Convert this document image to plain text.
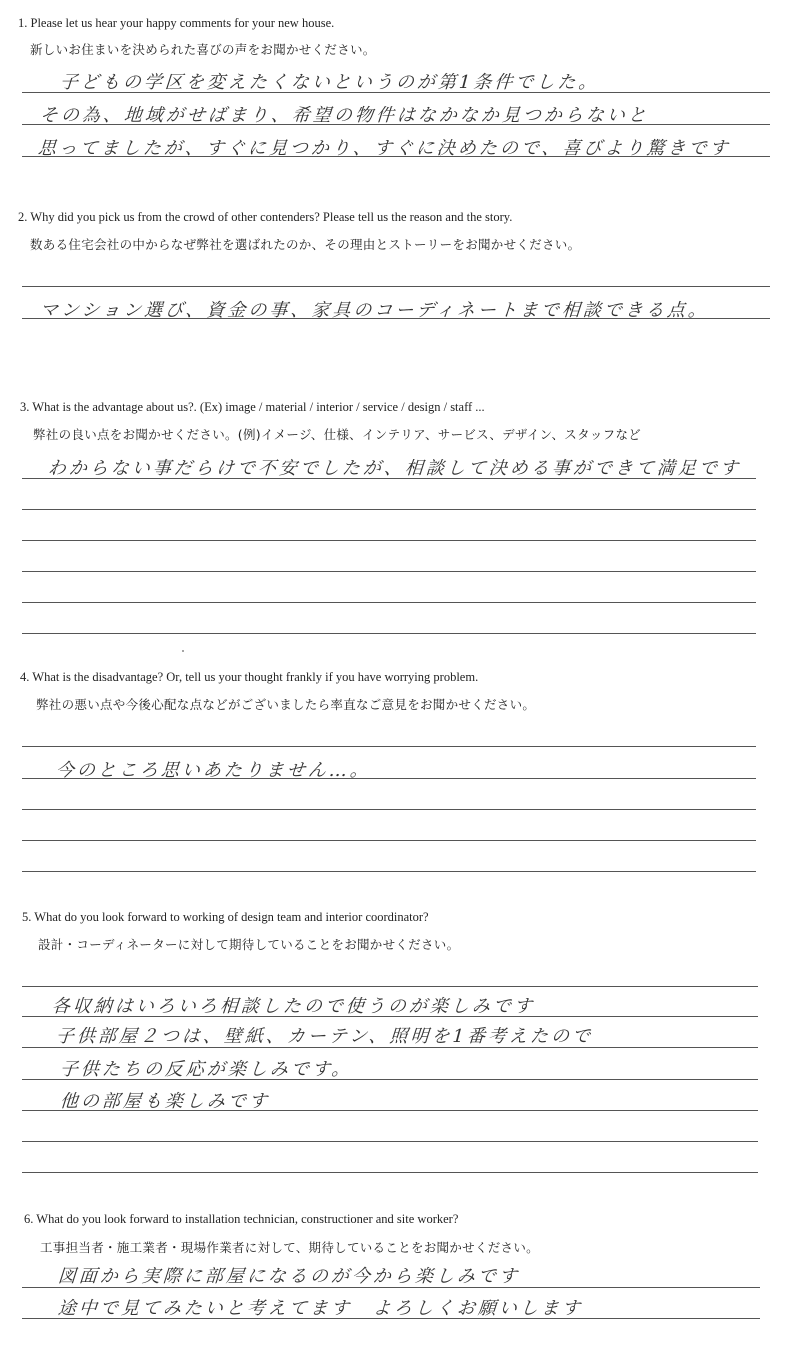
1. Please let us hear your happy comments for your new house.
新しいお住まいを決められた喜びの声をお聞かせください。
子どもの学区を変えたくないというのが第1条件でした。
その為、地域がせばまり、希望の物件はなかなか見つからないと
思ってましたが、すぐに見つかり、すぐに決めたので、喜びより驚きです
2. Why did you pick us from the crowd of other contenders? Please tell us the reason and the story.
数ある住宅会社の中からなぜ弊社を選ばれたのか、その理由とストーリーをお聞かせください。
マンション選び、資金の事、家具のコーディネートまで相談できる点。
3. What is the advantage about us?. (Ex) image / material / interior / service / design / staff ...
弊社の良い点をお聞かせください。(例)イメージ、仕様、インテリア、サービス、デザイン、スタッフなど
わからない事だらけで不安でしたが、相談して決める事ができて満足です
4. What is the disadvantage? Or, tell us your thought frankly if you have worrying problem.
弊社の悪い点や今後心配な点などがございましたら率直なご意見をお聞かせください。
今のところ思いあたりません…。
5. What do you look forward to working of design team and interior coordinator?
設計・コーディネーターに対して期待していることをお聞かせください。
各収納はいろいろ相談したので使うのが楽しみです
子供部屋２つは、壁紙、カーテン、照明を1番考えたので
子供たちの反応が楽しみです。
他の部屋も楽しみです
6. What do you look forward to installation technician, constructioner and site worker?
工事担当者・施工業者・現場作業者に対して、期待していることをお聞かせください。
図面から実際に部屋になるのが今から楽しみです
途中で見てみたいと考えてます　よろしくお願いします
